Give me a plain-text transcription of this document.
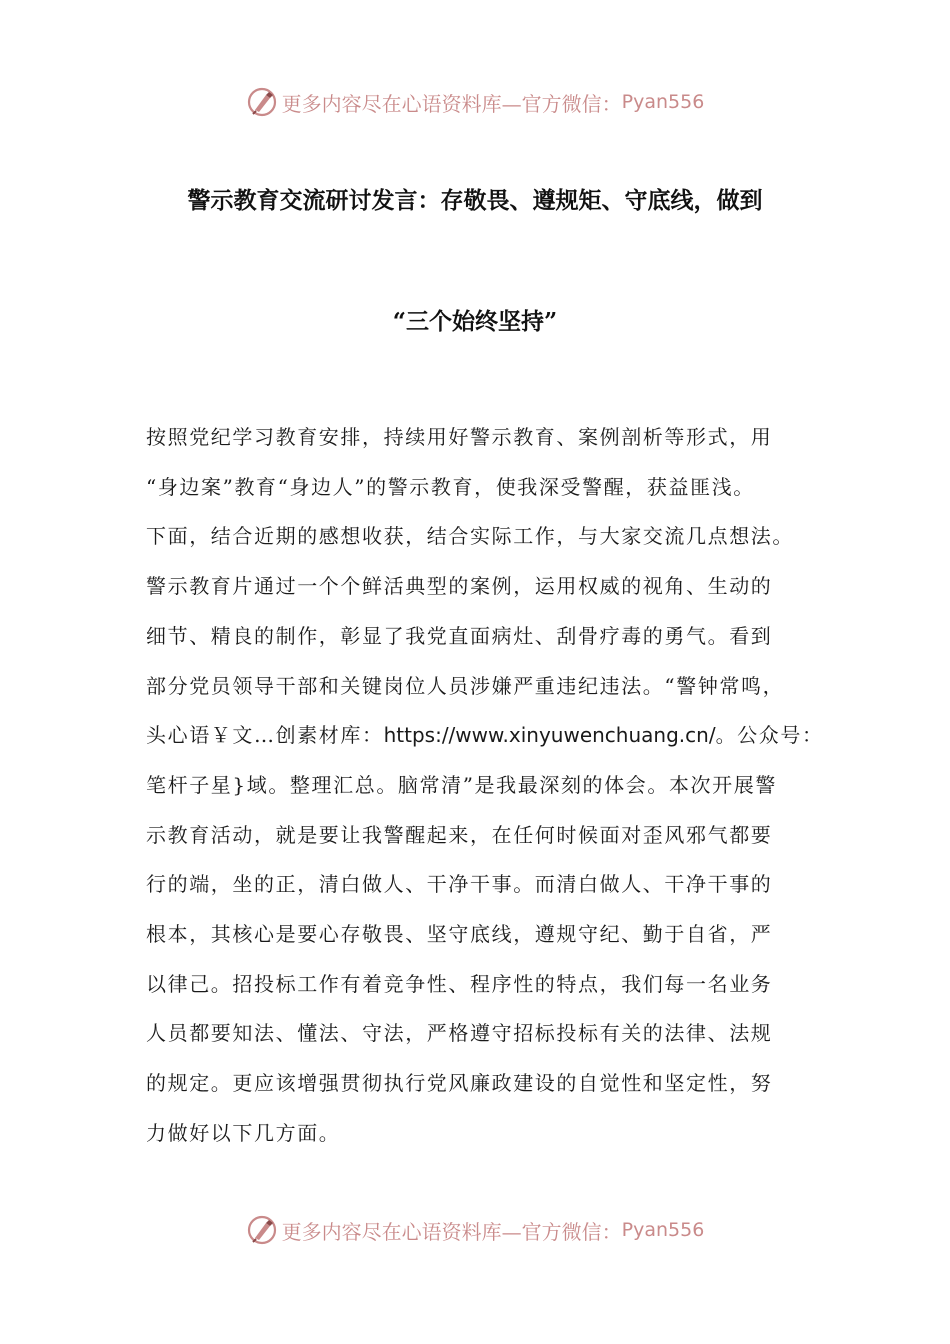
更多内容尽在心语资料库—官方微信： Pyan556
警示教育交流研讨发言：存敬畏、遵规矩、守底线，做到
“三个始终坚持”
按照党纪学习教育安排，持续用好警示教育、案例剖析等形式，用
“身边案”教育“身边人”的警示教育，使我深受警醒，获益匪浅。
下面，结合近期的感想收获，结合实际工作，与大家交流几点想法。
警示教育片通过一个个鲜活典型的案例，运用权威的视角、生动的
细节、精良的制作，彰显了我党直面病灶、刮骨疗毒的勇气。看到
部分党员领导干部和关键岗位人员涉嫌严重违纪违法。“警钟常鸣，
头心语￥文…创素材库：https://www.xinyuwenchuang.cn/。公众号：
笔杆子星}域。整理汇总。脑常清”是我最深刻的体会。本次开展警
示教育活动，就是要让我警醒起来，在任何时候面对歪风邪气都要
行的端，坐的正，清白做人、干净干事。而清白做人、干净干事的
根本，其核心是要心存敬畏、坚守底线，遵规守纪、勤于自省，严
以律己。招投标工作有着竞争性、程序性的特点，我们每一名业务
人员都要知法、懂法、守法，严格遵守招标投标有关的法律、法规
的规定。更应该增强贯彻执行党风廉政建设的自觉性和坚定性，努
力做好以下几方面。
更多内容尽在心语资料库—官方微信： Pyan556
